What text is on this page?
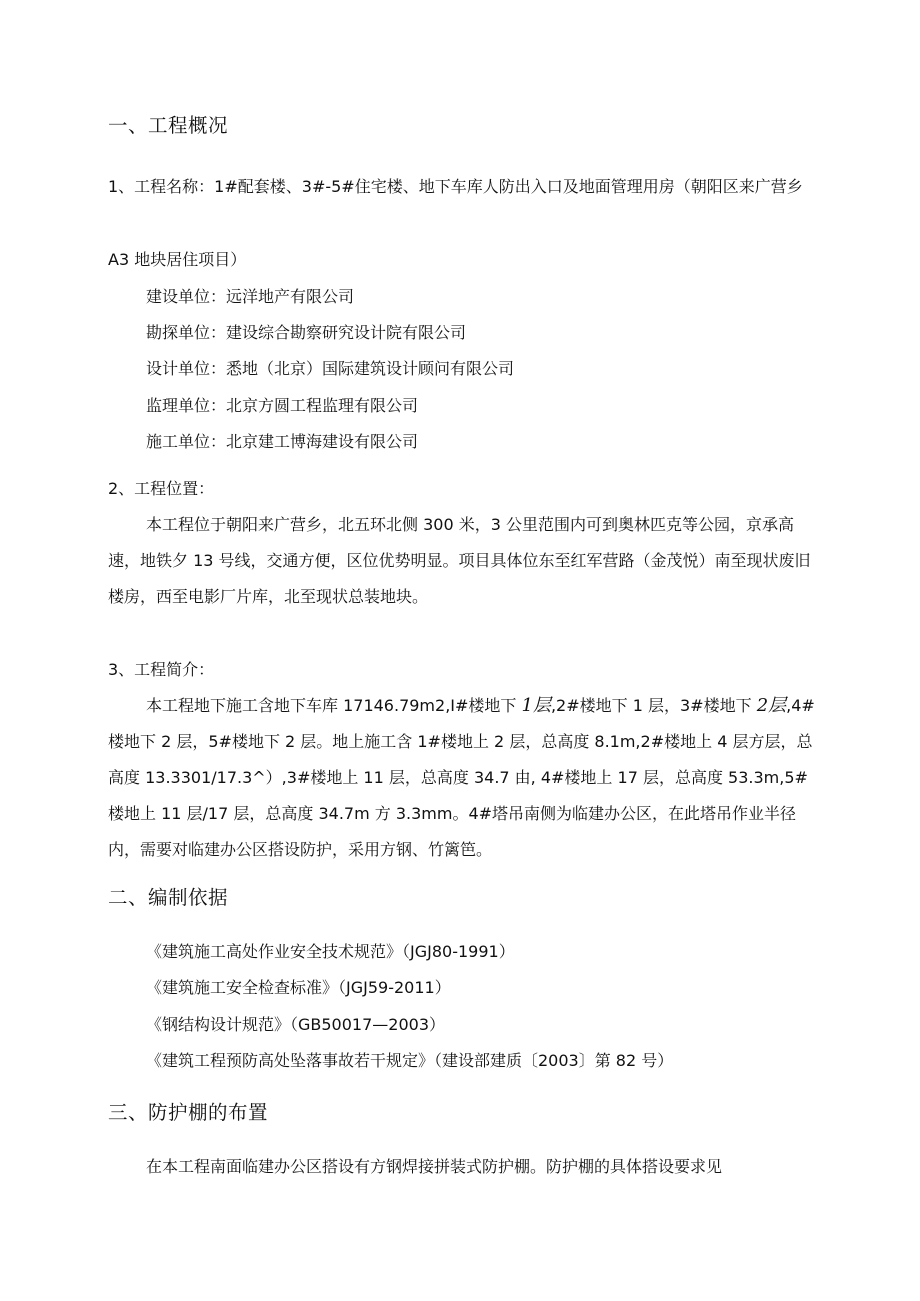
一、工程概况
1、工程名称：1#配套楼、3#-5#住宅楼、地下车库人防出入口及地面管理用房（朝阳区来广营乡
A3 地块居住项目）
建设单位：远洋地产有限公司
勘探单位：建设综合勘察研究设计院有限公司
设计单位：悉地（北京）国际建筑设计顾问有限公司
监理单位：北京方圆工程监理有限公司
施工单位：北京建工博海建设有限公司
2、工程位置：
本工程位于朝阳来广营乡，北五环北侧 300 米，3 公里范围内可到奥林匹克等公园，京承高速，地铁夕 13 号线，交通方便，区位优势明显。项目具体位东至红军营路（金茂悦）南至现状废旧楼房，西至电影厂片库，北至现状总装地块。
3、工程简介：
本工程地下施工含地下车库 17146.79m2,I#楼地下 1层,2#楼地下 1 层，3#楼地下 2层,4#楼地下 2 层，5#楼地下 2 层。地上施工含 1#楼地上 2 层，总高度 8.1m,2#楼地上 4 层方层，总高度 13.3301/17.3^）,3#楼地上 11 层，总高度 34.7 由, 4#楼地上 17 层，总高度 53.3m,5#楼地上 11 层/17 层，总高度 34.7m 方 3.3mm。4#塔吊南侧为临建办公区，在此塔吊作业半径内，需要对临建办公区搭设防护，采用方钢、竹篱笆。
二、编制依据
《建筑施工高处作业安全技术规范》（JGJ80-1991）
《建筑施工安全检查标准》（JGJ59-2011）
《钢结构设计规范》（GB50017—2003）
《建筑工程预防高处坠落事故若干规定》（建设部建质〔2003〕第 82 号）
三、防护棚的布置
在本工程南面临建办公区搭设有方钢焊接拼装式防护棚。防护棚的具体搭设要求见
